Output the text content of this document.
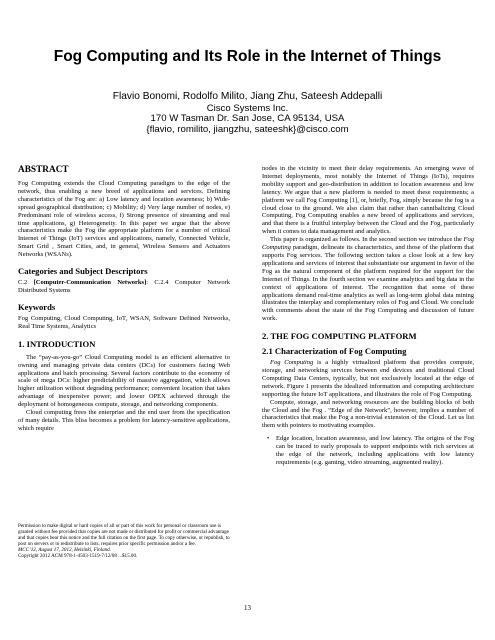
Fog Computing and Its Role in the Internet of Things
Flavio Bonomi, Rodolfo Milito, Jiang Zhu, Sateesh Addepalli
Cisco Systems Inc.
170 W Tasman Dr. San Jose, CA 95134, USA
{flavio, romilito, jiangzhu, sateeshk}@cisco.com
ABSTRACT

Fog Computing extends the Cloud Computing paradigm to the edge of the network, thus enabling a new breed of applications and services. Defining characteristics of the Fog are: a) Low latency and location awareness; b) Wide-spread geographical distribution; c) Mobility; d) Very large number of nodes, e) Predominant role of wireless access, f) Strong presence of streaming and real time applications, g) Heterogeneity. In this paper we argue that the above characteristics make the Fog the appropriate platform for a number of critical Internet of Things (IoT) services and applications, namely, Connected Vehicle, Smart Grid , Smart Cities, and, in general, Wireless Sensors and Actuators Networks (WSANs).

Categories and Subject Descriptors

C.2 [Computer-Communication Networks]: C.2.4 Computer Network Distributed Systems

Keywords

Fog Computing, Cloud Computing, IoT, WSAN, Software Defined Networks, Real Time Systems, Analytics

1. INTRODUCTION

The “pay-as-you-go” Cloud Computing model is an efficient alternative to owning and managing private data centers (DCs) for customers facing Web applications and batch processing. Several factors contribute to the economy of scale of mega DCs: higher predictability of massive aggregation, which allows higher utilization without degrading performance; convenient location that takes advantage of inexpensive power; and lower OPEX achieved through the deployment of homogeneous compute, storage, and networking components.

Cloud computing frees the enterprise and the end user from the specification of many details. This bliss becomes a problem for latency-sensitive applications, which require

Permission to make digital or hard copies of all or part of this work for personal or classroom use is granted without fee provided that copies are not made or distributed for profit or commercial advantage and that copies bear this notice and the full citation on the first page. To copy otherwise, or republish, to post on servers or to redistribute to lists, requires prior specific permission and/or a fee.
MCC’12, August 17, 2012, Helsinki, Finland.
Copyright 2012 ACM 978-1-4503-1519-7/12/08 ...$15.00.

nodes in the vicinity to meet their delay requirements. An emerging wave of Internet deployments, most notably the Internet of Things (IoTs), requires mobility support and geo-distribution in addition to location awareness and low latency. We argue that a new platform is needed to meet these requirements; a platform we call Fog Computing [1], or, briefly, Fog, simply because the fog is a cloud close to the ground. We also claim that rather than cannibalizing Cloud Computing, Fog Computing enables a new breed of applications and services, and that there is a fruitful interplay between the Cloud and the Fog, particularly when it comes to data management and analytics.

This paper is organized as follows. In the second section we introduce the Fog Computing paradigm, delineate its characteristics, and those of the platform that supports Fog services. The following section takes a close look at a few key applications and services of interest that substantiate our argument in favor of the Fog as the natural component of the platform required for the support for the Internet of Things. In the fourth section we examine analytics and big data in the context of applications of interest. The recognition that some of these applications demand real-time analytics as well as long-term global data mining illustrates the interplay and complementary roles of Fog and Cloud. We conclude with comments about the state of the Fog Computing and discussion of future work.

2. THE FOG COMPUTING PLATFORM
2.1 Characterization of Fog Computing

Fog Computing is a highly virtualized platform that provides compute, storage, and networking services between end devices and traditional Cloud Computing Data Centers, typically, but not exclusively located at the edge of network. Figure 1 presents the idealized information and computing architecture supporting the future IoT applications, and illustrates the role of Fog Computing.

Compute, storage, and networking resources are the building blocks of both the Cloud and the Fog . “Edge of the Network”, however, implies a number of characteristics that make the Fog a non-trivial extension of the Cloud. Let us list them with pointers to motivating examples.

• Edge location, location awareness, and low latency. The origins of the Fog can be traced to early proposals to support endpoints with rich services at the edge of the network, including applications with low latency requirements (e.g. gaming, video streaming, augmented reality).
13
